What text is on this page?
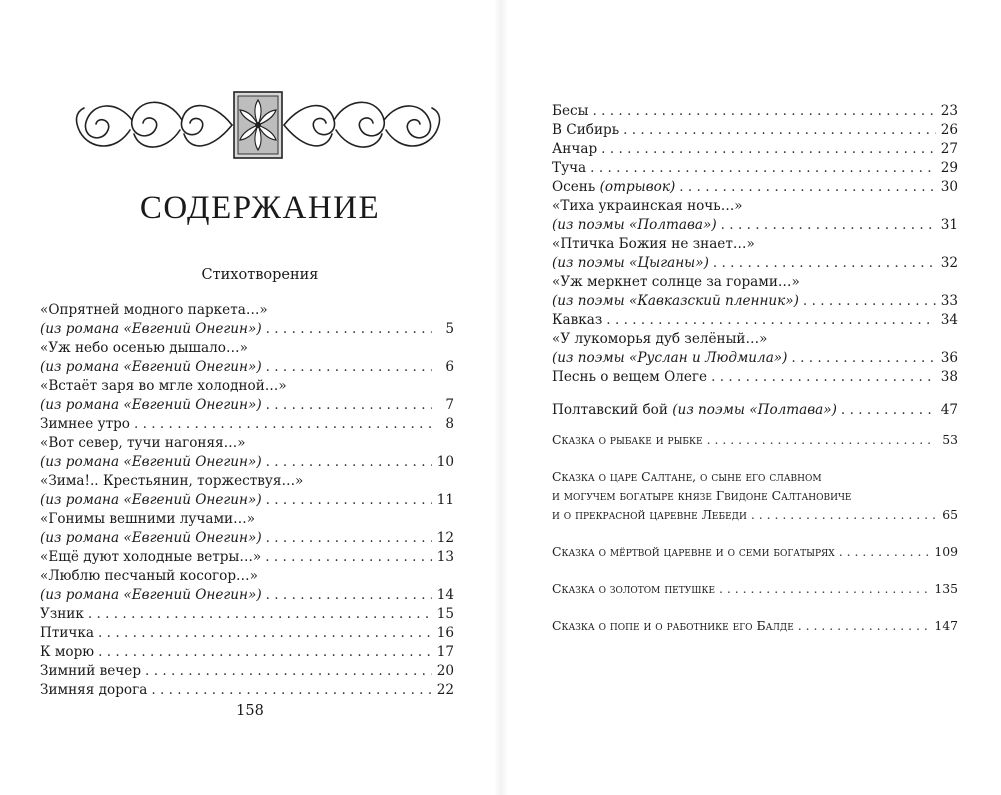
СОДЕРЖАНИЕ
Стихотворения
«Опрятней модного паркета…»
(из романа «Евгений Онегин») . . .	5
«Уж небо осенью дышало…»
(из романа «Евгений Онегин») . . .	6
«Встаёт заря во мгле холодной…»
(из романа «Евгений Онегин») . . .	7
Зимнее утро . . .	8
«Вот север, тучи нагоняя…»
(из романа «Евгений Онегин») . . .	10
«Зима!.. Крестьянин, торжествуя…»
(из романа «Евгений Онегин») . . .	11
«Гонимы вешними лучами…»
(из романа «Евгений Онегин») . . .	12
«Ещё дуют холодные ветры…» . . .	13
«Люблю песчаный косогор…»
(из романа «Евгений Онегин») . . .	14
Узник . . .	15
Птичка . . .	16
К морю . . .	17
Зимний вечер . . .	20
Зимняя дорога . . .	22
158
Бесы . . .	23
В Сибирь . . .	26
Анчар . . .	27
Туча . . .	29
Осень (отрывок) . . .	30
«Тиха украинская ночь…»
(из поэмы «Полтава») . . .	31
«Птичка Божия не знает…»
(из поэмы «Цыганы») . . .	32
«Уж меркнет солнце за горами…»
(из поэмы «Кавказский пленник») . . .	33
Кавказ . . .	34
«У лукоморья дуб зелёный…»
(из поэмы «Руслан и Людмила») . . .	36
Песнь о вещем Олеге . . .	38
Полтавский бой (из поэмы «Полтава») . . .	47
Сказка о рыбаке и рыбке . . .	53
Сказка о царе Салтане, о сыне его славном
и могучем богатыре князе Гвидоне Салтановиче
и о прекрасной царевне Лебеди . . .	65
Сказка о мёртвой царевне и о семи богатырях . . .	109
Сказка о золотом петушке . . .	135
Сказка о попе и о работнике его Балде . . .	147
